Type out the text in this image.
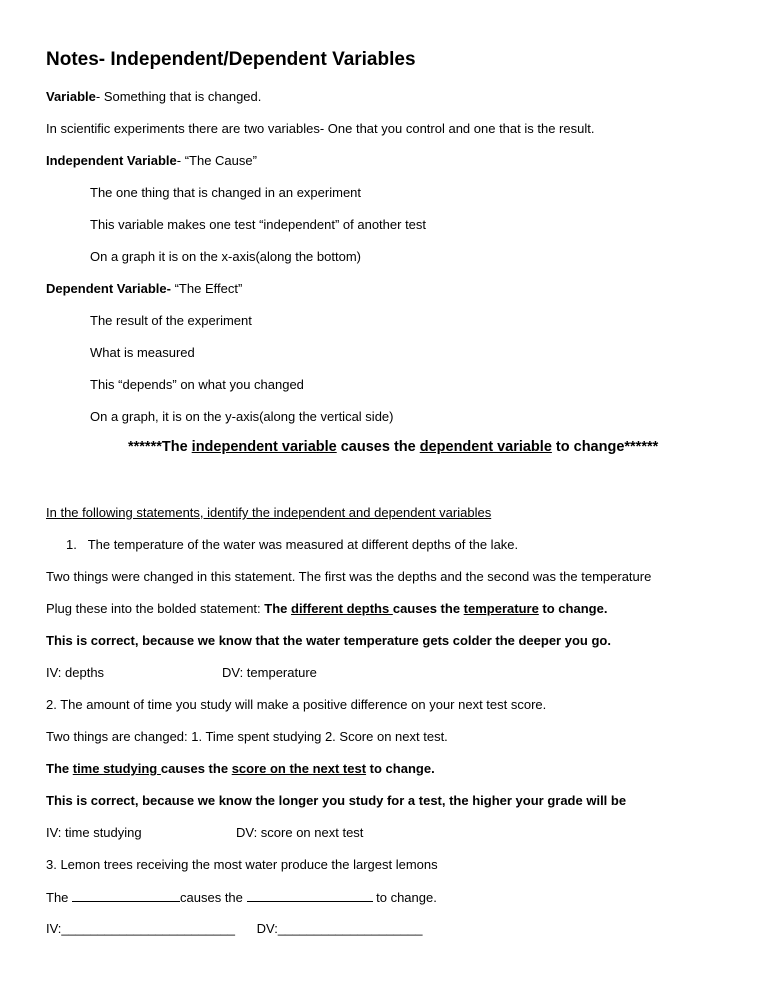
Notes- Independent/Dependent Variables
Variable- Something that is changed.
In scientific experiments there are two variables- One that you control and one that is the result.
Independent Variable- “The Cause”
The one thing that is changed in an experiment
This variable makes one test “independent” of another test
On a graph it is on the x-axis(along the bottom)
Dependent Variable- “The Effect”
The result of the experiment
What is measured
This “depends” on what you changed
On a graph, it is on the y-axis(along the vertical side)
******The independent variable causes the dependent variable to change******
In the following statements, identify the independent and dependent variables
1. The temperature of the water was measured at different depths of the lake.
Two things were changed in this statement. The first was the depths and the second was the temperature
Plug these into the bolded statement: The different depths causes the temperature to change.
This is correct, because we know that the water temperature gets colder the deeper you go.
IV: depths	DV: temperature
2. The amount of time you study will make a positive difference on your next test score.
Two things are changed: 1. Time spent studying 2. Score on next test.
The time studying causes the score on the next test to change.
This is correct, because we know the longer you study for a test, the higher your grade will be
IV: time studying	DV: score on next test
3. Lemon trees receiving the most water produce the largest lemons
The	causes the	to change.
IV:________________________ DV:____________________
